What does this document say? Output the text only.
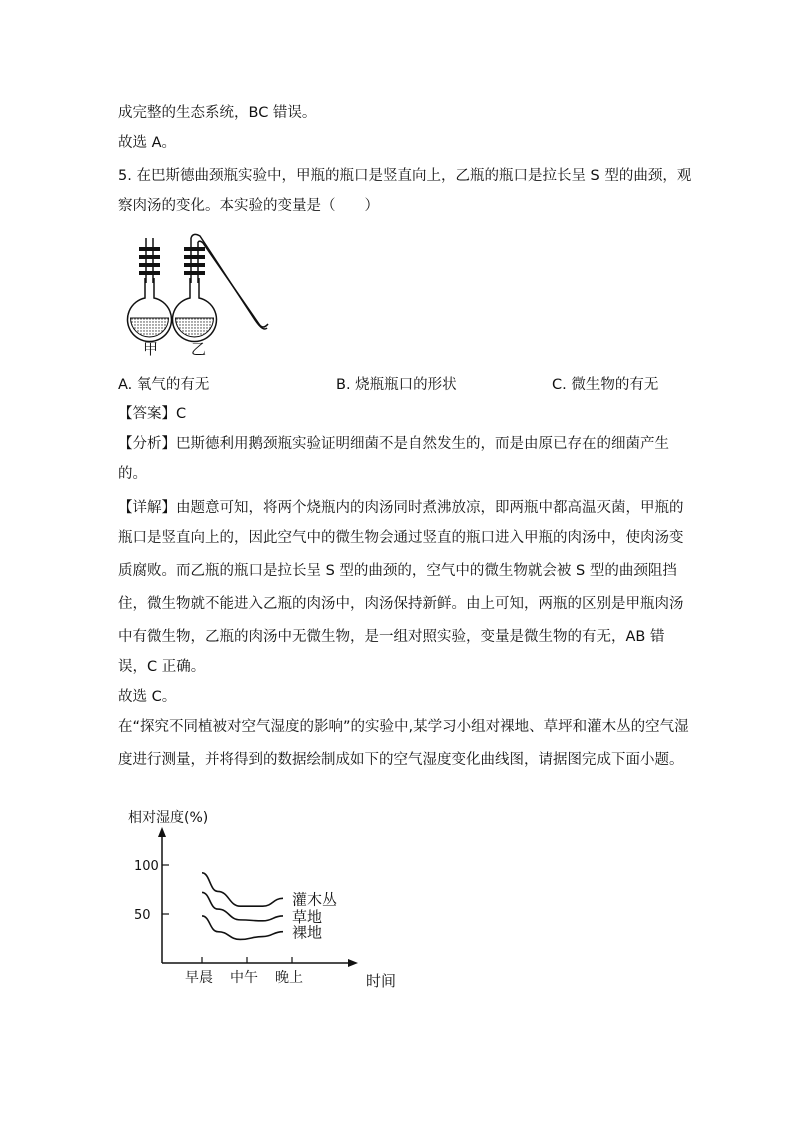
成完整的生态系统，BC 错误。
故选 A。
5. 在巴斯德曲颈瓶实验中，甲瓶的瓶口是竖直向上，乙瓶的瓶口是拉长呈 S 型的曲颈，观
察肉汤的变化。本实验的变量是（　　）
甲 乙
A. 氧气的有无	B. 烧瓶瓶口的形状	C. 微生物的有无
【答案】C
【分析】巴斯德利用鹅颈瓶实验证明细菌不是自然发生的，而是由原已存在的细菌产生
的。
【详解】由题意可知，将两个烧瓶内的肉汤同时煮沸放凉，即两瓶中都高温灭菌，甲瓶的
瓶口是竖直向上的，因此空气中的微生物会通过竖直的瓶口进入甲瓶的肉汤中，使肉汤变
质腐败。而乙瓶的瓶口是拉长呈 S 型的曲颈的，空气中的微生物就会被 S 型的曲颈阻挡
住，微生物就不能进入乙瓶的肉汤中，肉汤保持新鲜。由上可知，两瓶的区别是甲瓶肉汤
中有微生物，乙瓶的肉汤中无微生物，是一组对照实验，变量是微生物的有无，AB 错
误，C 正确。
故选 C。
在“探究不同植被对空气湿度的影响”的实验中,某学习小组对裸地、草坪和灌木丛的空气湿
度进行测量，并将得到的数据绘制成如下的空气湿度变化曲线图，请据图完成下面小题。
相对湿度(%)
时间
100
50
早晨 中午 晚上
灌木丛
草地
裸地
